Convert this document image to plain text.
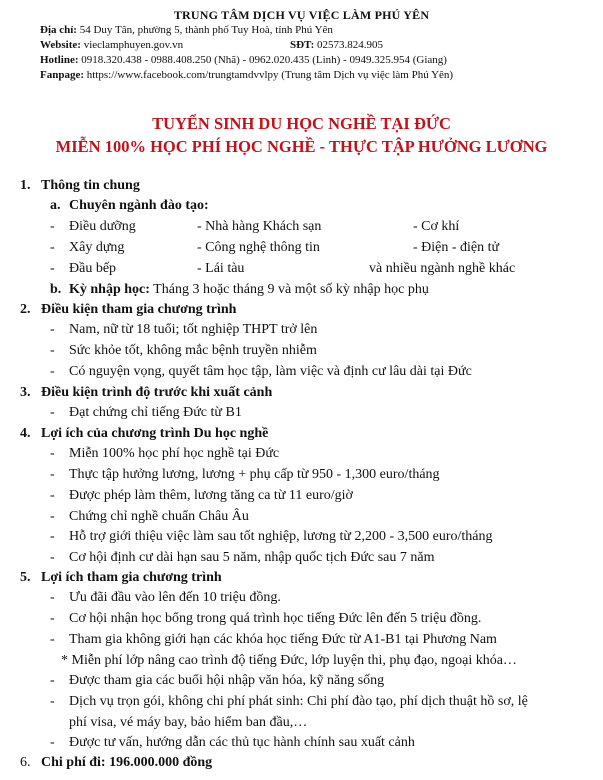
TRUNG TÂM DỊCH VỤ VIỆC LÀM PHÚ YÊN
Địa chỉ: 54 Duy Tân, phường 5, thành phố Tuy Hoà, tỉnh Phú Yên
Website: vieclamphuyen.gov.vn	SĐT: 02573.824.905
Hotline: 0918.320.438 - 0988.408.250 (Nhã) - 0962.020.435 (Linh) - 0949.325.954 (Giang)
Fanpage: https://www.facebook.com/trungtamdvvlpy (Trung tâm Dịch vụ việc làm Phú Yên)
TUYỂN SINH DU HỌC NGHỀ TẠI ĐỨC
MIỄN 100% HỌC PHÍ HỌC NGHỀ - THỰC TẬP HƯỞNG LƯƠNG
1. Thông tin chung
a. Chuyên ngành đào tạo:
- Điều dưỡng	- Nhà hàng Khách sạn	- Cơ khí
- Xây dựng	- Công nghệ thông tin	- Điện - điện tử
- Đầu bếp	- Lái tàu	và nhiều ngành nghề khác
b. Kỳ nhập học: Tháng 3 hoặc tháng 9 và một số kỳ nhập học phụ
2. Điều kiện tham gia chương trình
- Nam, nữ từ 18 tuổi; tốt nghiệp THPT trở lên
- Sức khỏe tốt, không mắc bệnh truyền nhiễm
- Có nguyện vọng, quyết tâm học tập, làm việc và định cư lâu dài tại Đức
3. Điều kiện trình độ trước khi xuất cảnh
- Đạt chứng chỉ tiếng Đức từ B1
4. Lợi ích của chương trình Du học nghề
- Miễn 100% học phí học nghề tại Đức
- Thực tập hưởng lương, lương + phụ cấp từ 950 - 1,300 euro/tháng
- Được phép làm thêm, lương tăng ca từ 11 euro/giờ
- Chứng chỉ nghề chuẩn Châu Âu
- Hỗ trợ giới thiệu việc làm sau tốt nghiệp, lương từ 2,200 - 3,500 euro/tháng
- Cơ hội định cư dài hạn sau 5 năm, nhập quốc tịch Đức sau 7 năm
5. Lợi ích tham gia chương trình
- Ưu đãi đầu vào lên đến 10 triệu đồng.
- Cơ hội nhận học bổng trong quá trình học tiếng Đức lên đến 5 triệu đồng.
- Tham gia không giới hạn các khóa học tiếng Đức từ A1-B1 tại Phương Nam
* Miễn phí lớp nâng cao trình độ tiếng Đức, lớp luyện thi, phụ đạo, ngoại khóa…
- Được tham gia các buổi hội nhập văn hóa, kỹ năng sống
- Dịch vụ trọn gói, không chi phí phát sinh: Chi phí đào tạo, phí dịch thuật hồ sơ, lệ
phí visa, vé máy bay, bảo hiểm ban đầu,…
- Được tư vấn, hướng dẫn các thủ tục hành chính sau xuất cảnh
6. Chi phí đi: 196.000.000 đồng
